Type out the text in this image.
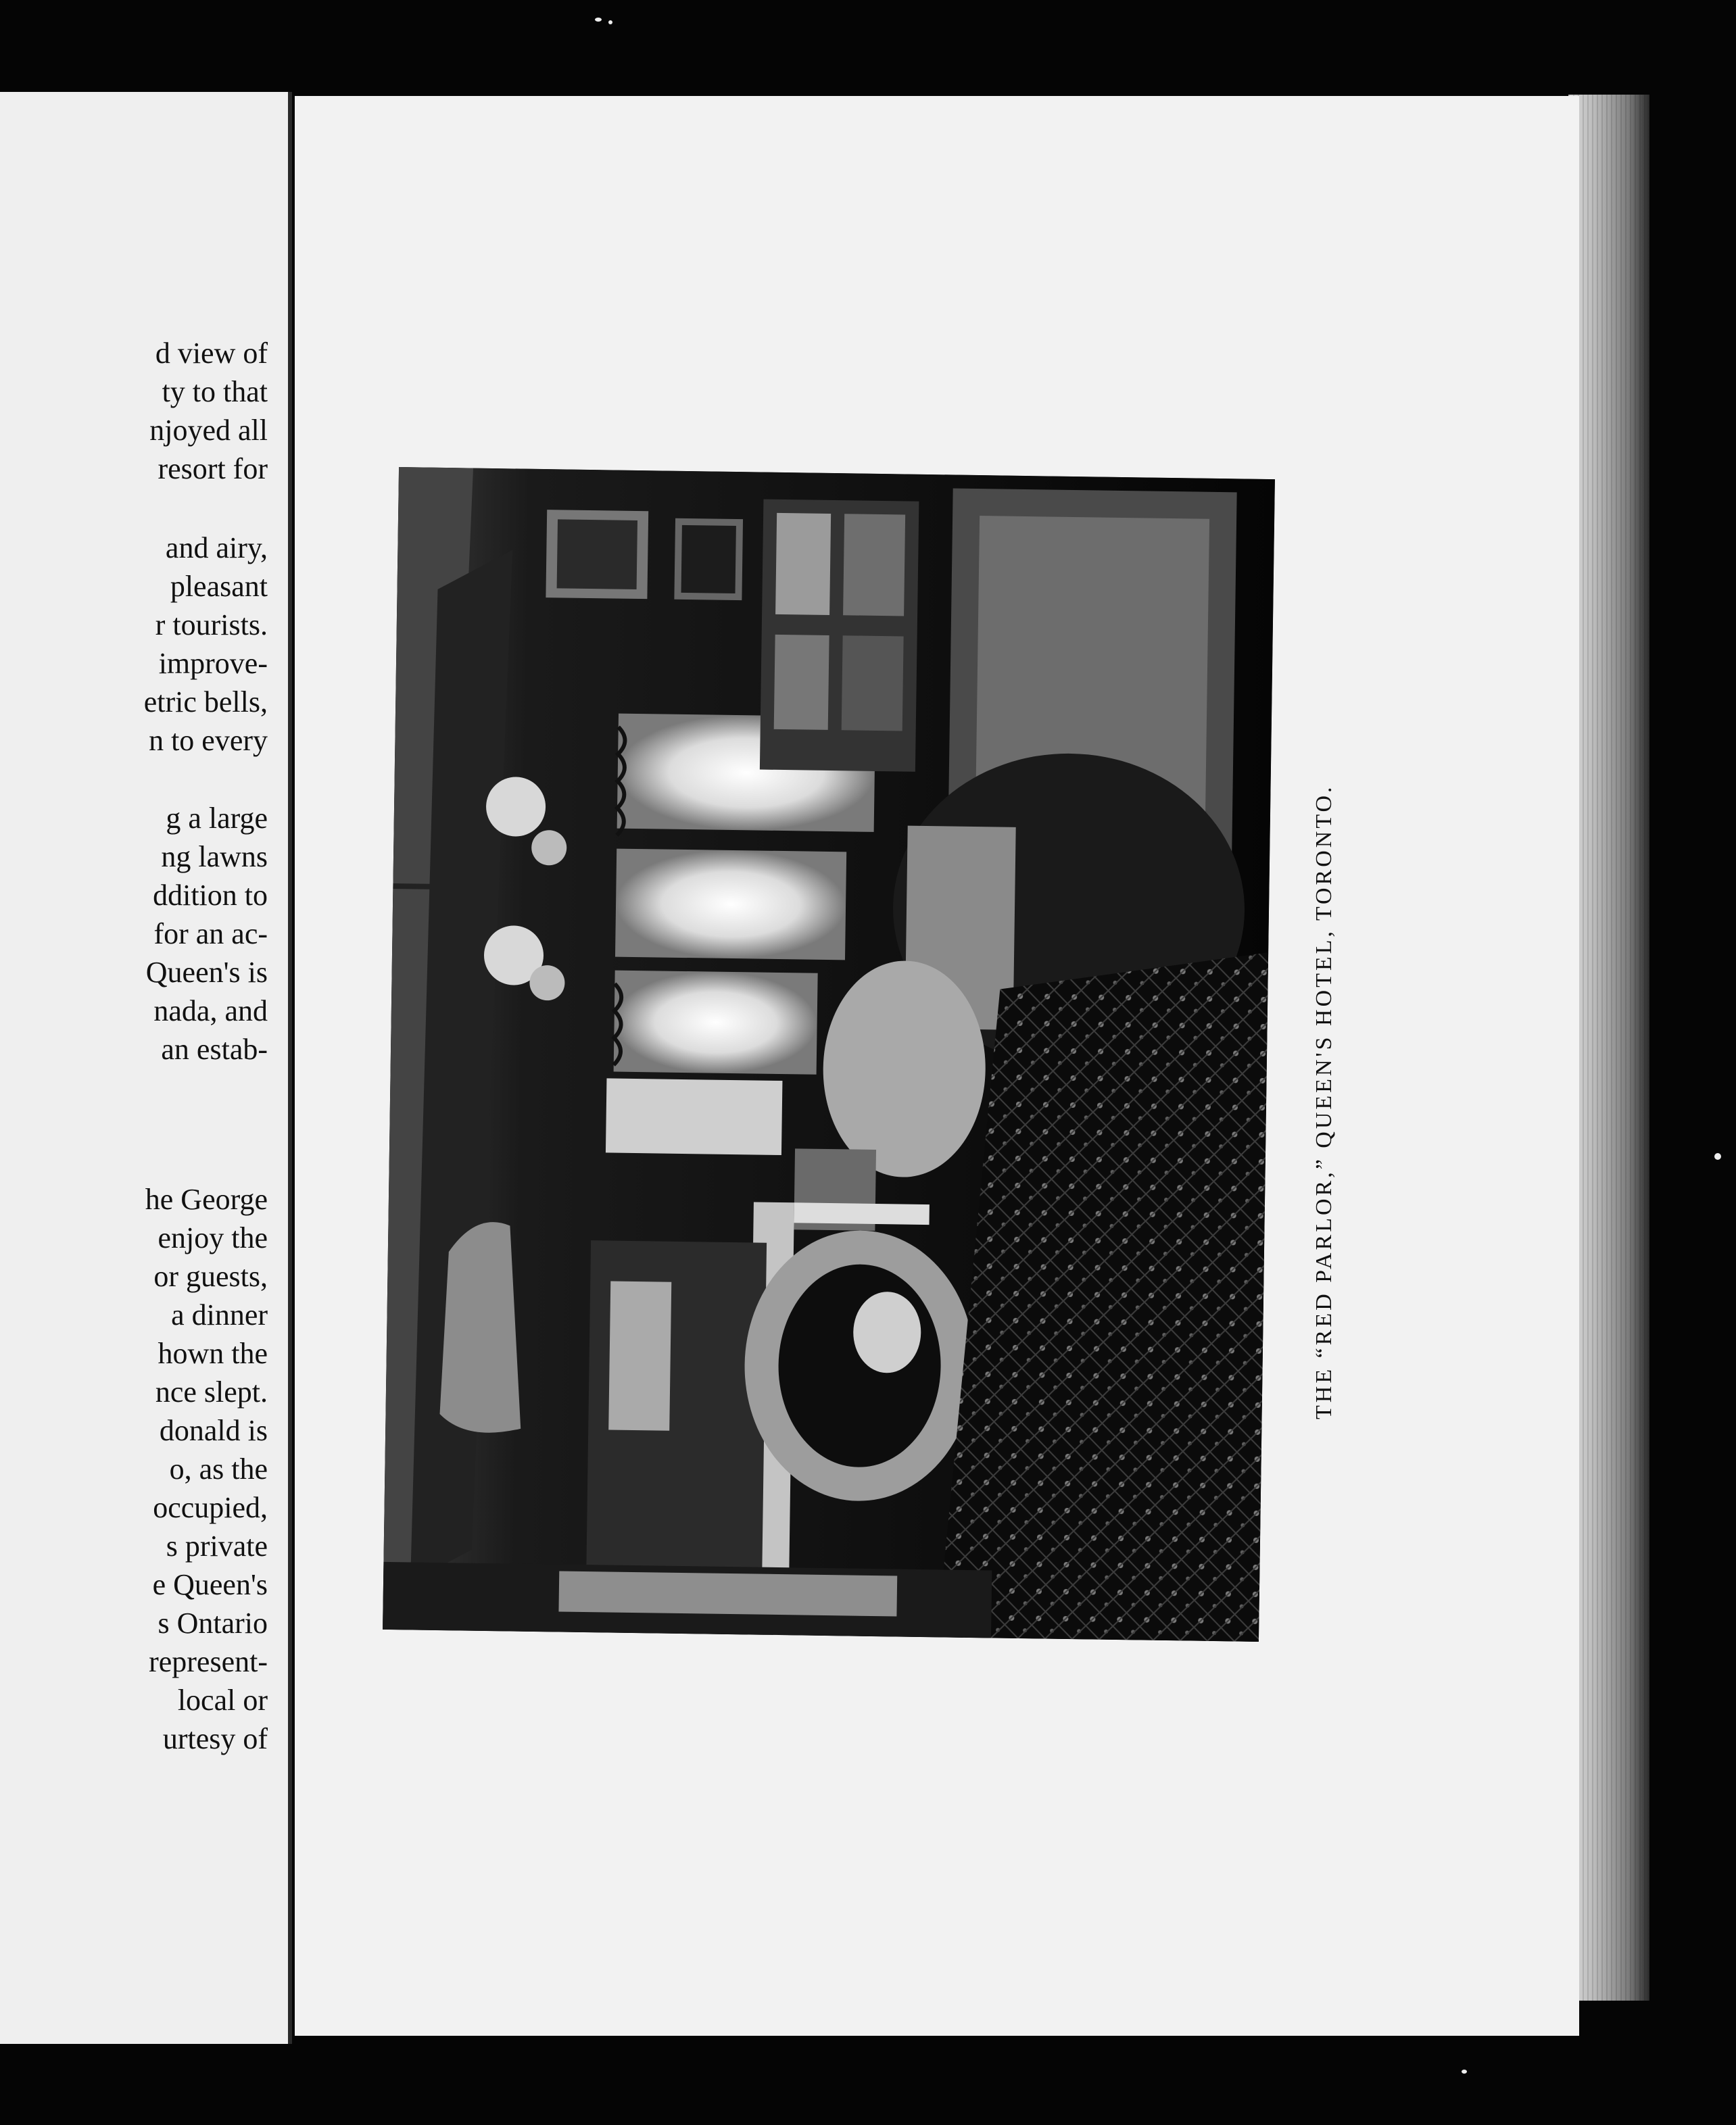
d view of
ty to that
njoyed all
resort for
and airy,
pleasant
r tourists.
improve-
etric bells,
n to every
g a large
ng lawns
ddition to
for an ac-
Queen's is
nada, and
an estab-
he George
enjoy the
or guests,
a dinner
hown the
nce slept.
donald is
o, as the
occupied,
s private
e Queen's
s Ontario
represent-
local or
urtesy of
THE “RED PARLOR,” QUEEN'S HOTEL, TORONTO.
